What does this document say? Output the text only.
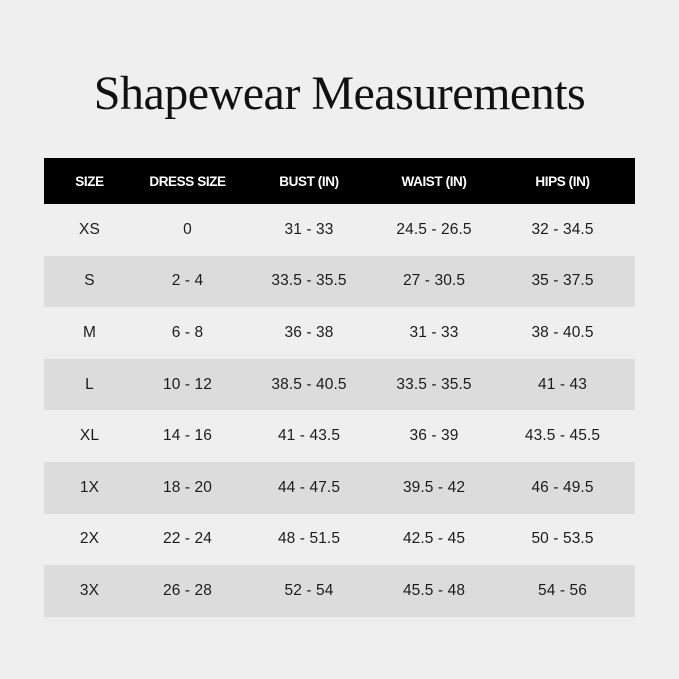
Shapewear Measurements
SIZE	DRESS SIZE	BUST (IN)	WAIST (IN)	HIPS (IN)
XS	0	31 - 33	24.5 - 26.5	32 - 34.5
S	2 - 4	33.5 - 35.5	27 - 30.5	35 - 37.5
M	6 - 8	36 - 38	31 - 33	38 - 40.5
L	10 - 12	38.5 - 40.5	33.5 - 35.5	41 - 43
XL	14 - 16	41 - 43.5	36 - 39	43.5 - 45.5
1X	18 - 20	44 - 47.5	39.5 - 42	46 - 49.5
2X	22 - 24	48 - 51.5	42.5 - 45	50 - 53.5
3X	26 - 28	52 - 54	45.5 - 48	54 - 56
